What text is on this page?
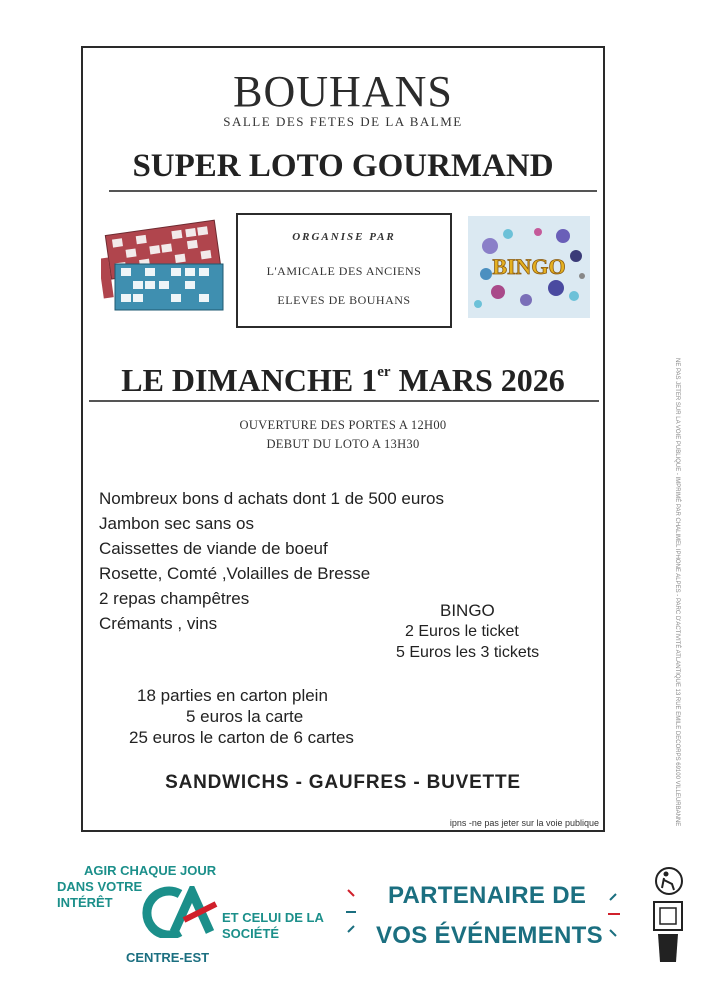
BOUHANS
SALLE DES FETES DE LA BALME
SUPER LOTO GOURMAND
ORGANISE PAR
L'AMICALE DES ANCIENS
ELEVES DE BOUHANS
BINGO
LE DIMANCHE 1er MARS 2026
OUVERTURE DES PORTES A 12H00
DEBUT DU LOTO A 13H30
Nombreux bons d achats dont 1 de 500 euros
Jambon sec sans os
Caissettes de viande de boeuf
Rosette, Comté ,Volailles de Bresse
2 repas champêtres
Crémants , vins
BINGO
2 Euros le ticket
5 Euros les 3 tickets
18 parties en carton plein
5 euros la carte
25 euros le carton de 6 cartes
SANDWICHS - GAUFRES - BUVETTE
ipns -ne pas jeter sur la voie publique
AGIR CHAQUE JOUR
DANS VOTRE
INTÉRÊT
ET CELUI DE LA
SOCIÉTÉ
CENTRE-EST
PARTENAIRE DE
VOS ÉVÉNEMENTS
NE PAS JETER SUR LA VOIE PUBLIQUE - IMPRIMÉ PAR CHALIMEL IPHONE ALPES - PARC D'ACTIVITÉ ATLANTIQUE 13 RUE EMILE DECORPS 69100 VILLEURBANNE
